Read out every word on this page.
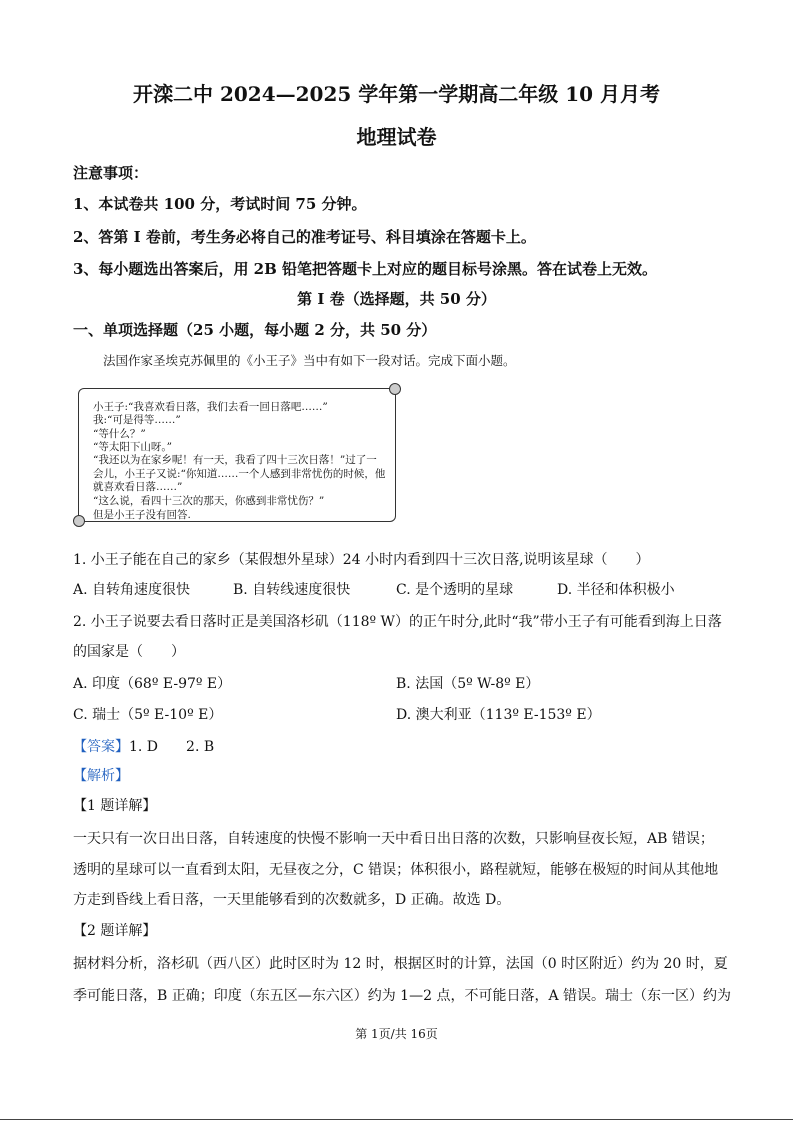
开滦二中 2024—2025 学年第一学期高二年级 10 月月考
地理试卷
注意事项：
1、本试卷共 100 分，考试时间 75 分钟。
2、答第 I 卷前，考生务必将自己的准考证号、科目填涂在答题卡上。
3、每小题选出答案后，用 2B 铅笔把答题卡上对应的题目标号涂黑。答在试卷上无效。
第 I 卷（选择题，共 50 分）
一、单项选择题（25 小题，每小题 2 分，共 50 分）
法国作家圣埃克苏佩里的《小王子》当中有如下一段对话。完成下面小题。
小王子:“我喜欢看日落，我们去看一回日落吧……”
我:“可是得等……”
“等什么？”
“等太阳下山呀。”
“我还以为在家乡呢！有一天，我看了四十三次日落！”过了一
会儿，小王子又说:“你知道……一个人感到非常忧伤的时候，他
就喜欢看日落……”
“这么说，看四十三次的那天，你感到非常忧伤？”
但是小王子没有回答.
1. 小王子能在自己的家乡（某假想外星球）24 小时内看到四十三次日落,说明该星球（　　）
A. 自转角速度很快	B. 自转线速度很快	C. 是个透明的星球	D. 半径和体积极小
2. 小王子说要去看日落时正是美国洛杉矶（118º W）的正午时分,此时“我”带小王子有可能看到海上日落
的国家是（　　）
A. 印度（68º E-97º E）	B. 法国（5º W-8º E）
C. 瑞士（5º E-10º E）	D. 澳大利亚（113º E-153º E）
【答案】1. D　　2. B
【解析】
【1 题详解】
一天只有一次日出日落，自转速度的快慢不影响一天中看日出日落的次数，只影响昼夜长短，AB 错误；
透明的星球可以一直看到太阳，无昼夜之分，C 错误；体积很小，路程就短，能够在极短的时间从其他地
方走到昏线上看日落，一天里能够看到的次数就多，D 正确。故选 D。
【2 题详解】
据材料分析，洛杉矶（西八区）此时区时为 12 时，根据区时的计算，法国（0 时区附近）约为 20 时，夏
季可能日落，B 正确；印度（东五区—东六区）约为 1—2 点，不可能日落，A 错误。瑞士（东一区）约为
第 1页/共 16页
